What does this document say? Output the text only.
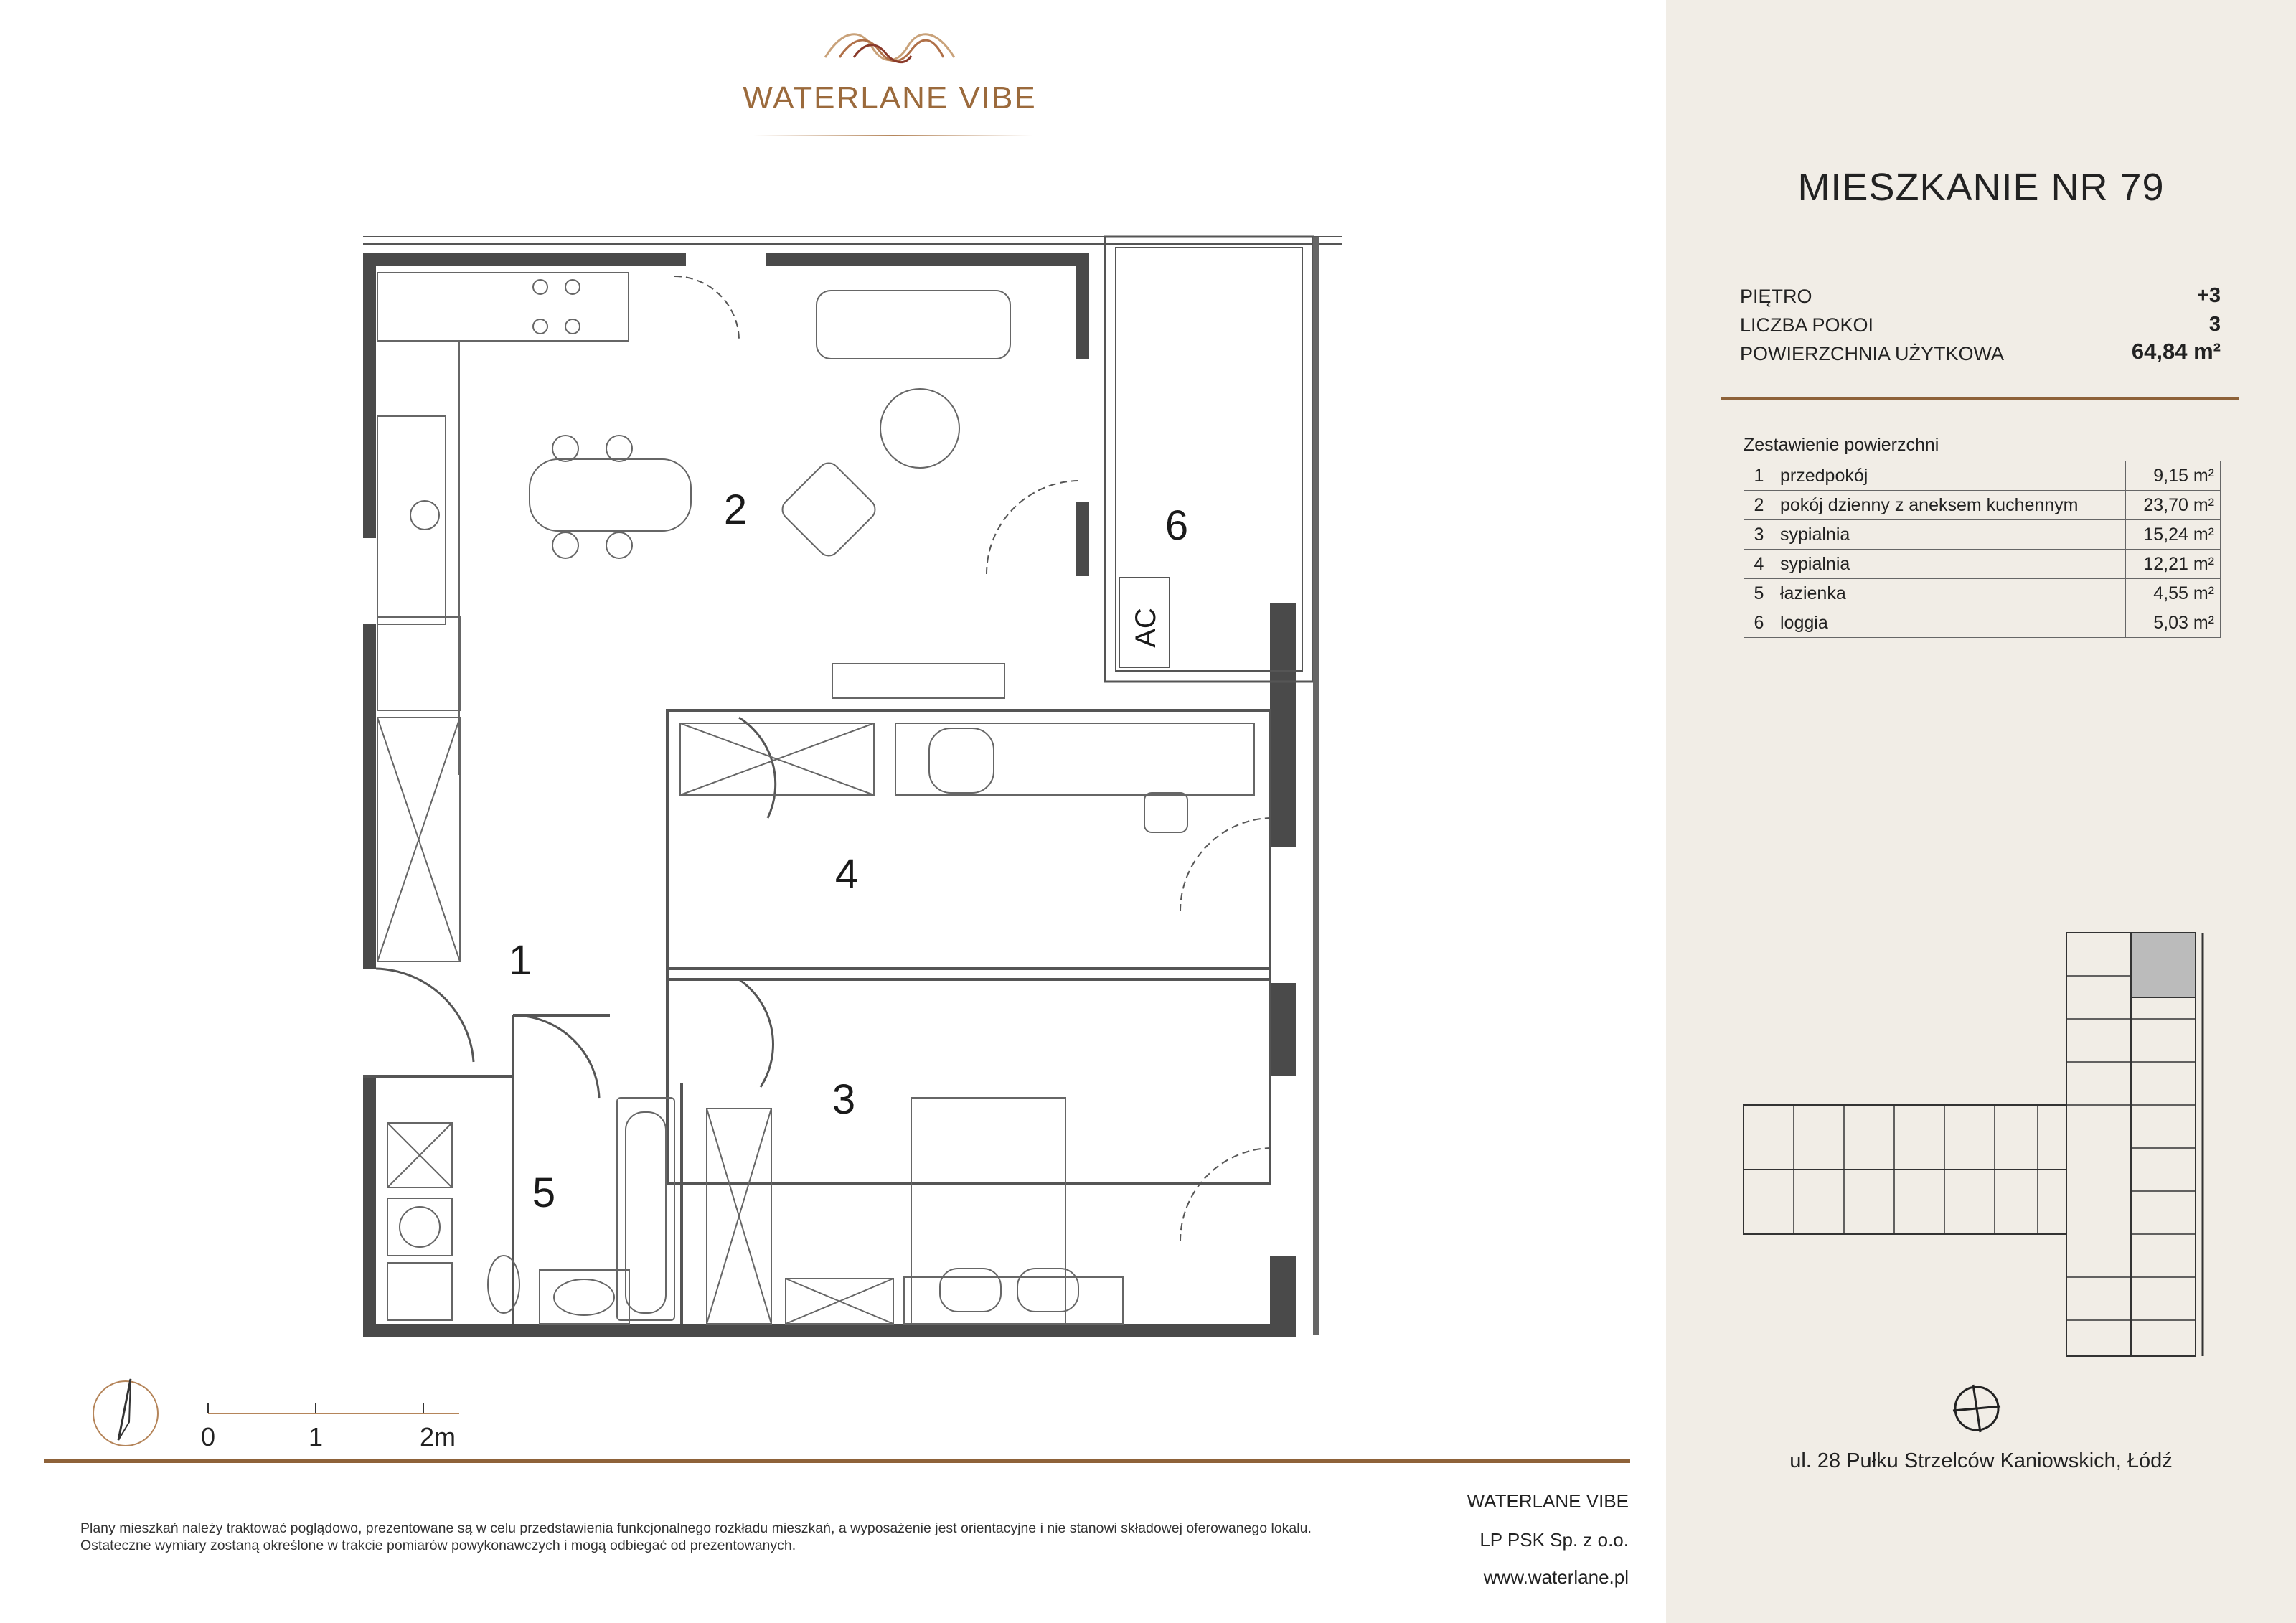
WATERLANE VIBE
1
2
3
4
5
6
AC
MIESZKANIE NR 79
PIĘTRO	+3
LICZBA POKOI	3
POWIERZCHNIA UŻYTKOWA	64,84 m²
Zestawienie powierzchni
1	przedpokój	9,15 m²
2	pokój dzienny z aneksem kuchennym	23,70 m²
3	sypialnia	15,24 m²
4	sypialnia	12,21 m²
5	łazienka	4,55 m²
6	loggia	5,03 m²
ul. 28 Pułku Strzelców Kaniowskich, Łódź
0	1	2m
Plany mieszkań należy traktować poglądowo, prezentowane są w celu przedstawienia funkcjonalnego rozkładu mieszkań, a wyposażenie jest orientacyjne i nie stanowi składowej oferowanego lokalu.
Ostateczne wymiary zostaną określone w trakcie pomiarów powykonawczych i mogą odbiegać od prezentowanych.
WATERLANE VIBE
LP PSK Sp. z o.o.
www.waterlane.pl
